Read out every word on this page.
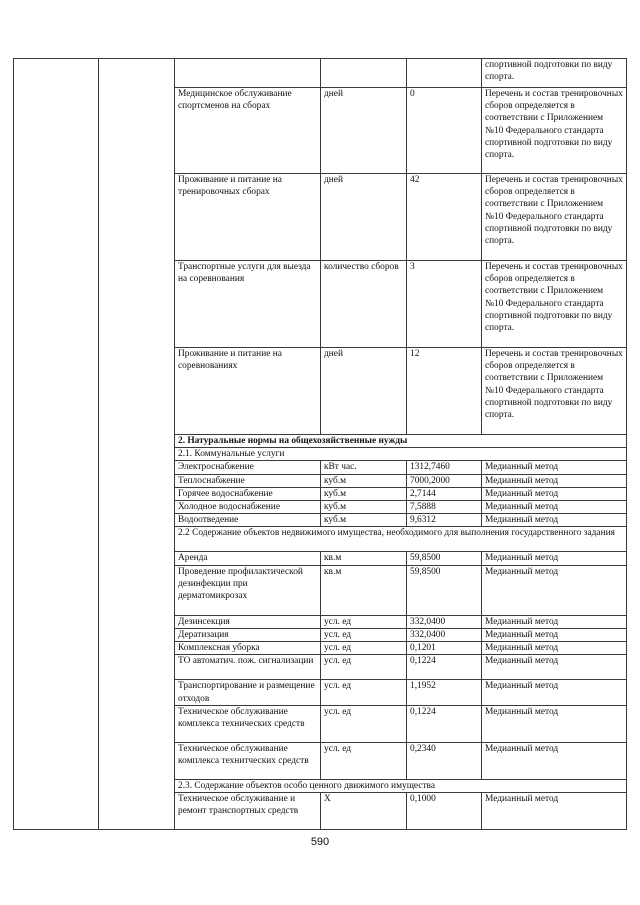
					спортивной подготовки по виду спорта.
		Медицинское обслуживание спортсменов на сборах	дней	0	Перечень и состав тренировочных сборов определяется в соответствии с Приложением №10 Федерального стандарта спортивной подготовки по виду спорта.
		Проживание и питание на тренировочных сборах	дней	42	Перечень и состав тренировочных сборов определяется в соответствии с Приложением №10 Федерального стандарта спортивной подготовки по виду спорта.
		Транспортные услуги для выезда на соревнования	количество сборов	3	Перечень и состав тренировочных сборов определяется в соответствии с Приложением №10 Федерального стандарта спортивной подготовки по виду спорта.
		Проживание и питание на соревнованиях	дней	12	Перечень и состав тренировочных сборов определяется в соответствии с Приложением №10 Федерального стандарта спортивной подготовки по виду спорта.
		2. Натуральные нормы на общехозяйственные нужды			
		2.1. Коммунальные услуги			
		Электроснабжение	кВт час.	1312,7460	Медианный метод
		Теплоснабжение	куб.м	7000,2000	Медианный метод
		Горячее водоснабжение	куб.м	2,7144	Медианный метод
		Холодное водоснабжение	куб.м	7,5888	Медианный метод
		Водоотведение	куб.м	9,6312	Медианный метод
		2.2 Содержание объектов недвижимого имущества, необходимого для выполнения государственного задания			
		Аренда	кв.м	59,8500	Медианный метод
		Проведение профилактической дезинфекции при дерматомикрозах	кв.м	59,8500	Медианный метод
		Дезинсекция	усл. ед	332,0400	Медианный метод
		Дератизация	усл. ед	332,0400	Медианный метод
		Комплексная уборка	усл. ед	0,1201	Медианный метод
		ТО автоматич. пож. сигнализации	усл. ед	0,1224	Медианный метод
		Транспортирование и размещение отходов	усл. ед	1,1952	Медианный метод
		Техническое обслуживание комплекса технических средств	усл. ед	0,1224	Медианный метод
		Техническое обслуживание комплекса технитческих средств	усл. ед	0,2340	Медианный метод
		2.3. Содержание объектов особо ценного движимого имущества			
		Техническое обслуживание и ремонт транспортных средств	Х	0,1000	Медианный метод
590
